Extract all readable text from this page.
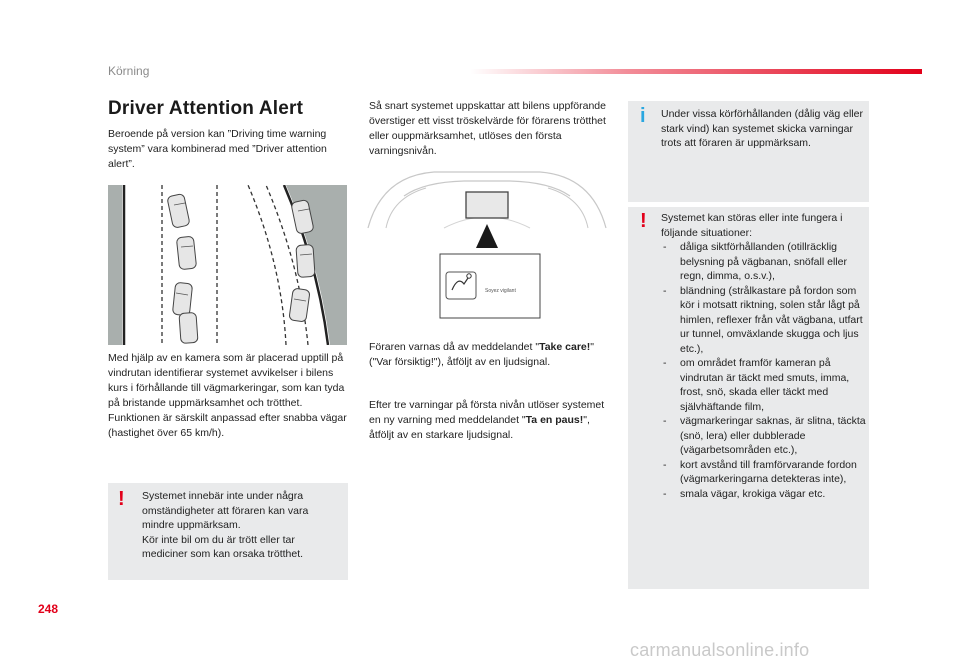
Körning
Driver Attention Alert

Beroende på version kan ”Driving time warning system” vara kombinerad med ”Driver attention alert”.

Med hjälp av en kamera som är placerad upptill på vindrutan identifierar systemet avvikelser i bilens kurs i förhållande till vägmarkeringar, som kan tyda på bristande uppmärksamhet och trötthet.
Funktionen är särskilt anpassad efter snabba vägar (hastighet över 65 km/h).
! Systemet innebär inte under några omständigheter att föraren kan vara mindre uppmärksam.
Kör inte bil om du är trött eller tar mediciner som kan orsaka trötthet.

Så snart systemet uppskattar att bilens uppförande överstiger ett visst tröskelvärde för förarens trötthet eller ouppmärksamhet, utlöses den första varningsnivån.

Soyez vigilant

Föraren varnas då av meddelandet "Take care!" ("Var försiktig!"), åtföljt av en ljudsignal.

Efter tre varningar på första nivån utlöser systemet en ny varning med meddelandet "Ta en paus!", åtföljt av en starkare ljudsignal.

i Under vissa körförhållanden (dålig väg eller stark vind) kan systemet skicka varningar trots att föraren är uppmärksam.
! Systemet kan störas eller inte fungera i följande situationer:
- dåliga siktförhållanden (otillräcklig belysning på vägbanan, snöfall eller regn, dimma, o.s.v.),
- bländning (strålkastare på fordon som kör i motsatt riktning, solen står lågt på himlen, reflexer från våt vägbana, utfart ur tunnel, omväxlande skugga och ljus etc.),
- om området framför kameran på vindrutan är täckt med smuts, imma, frost, snö, skada eller täckt med självhäftande film,
- vägmarkeringar saknas, är slitna, täckta (snö, lera) eller dubblerade (vägarbetsområden etc.),
- kort avstånd till framförvarande fordon (vägmarkeringarna detekteras inte),
- smala vägar, krokiga vägar etc.
248
carmanualsonline.info
